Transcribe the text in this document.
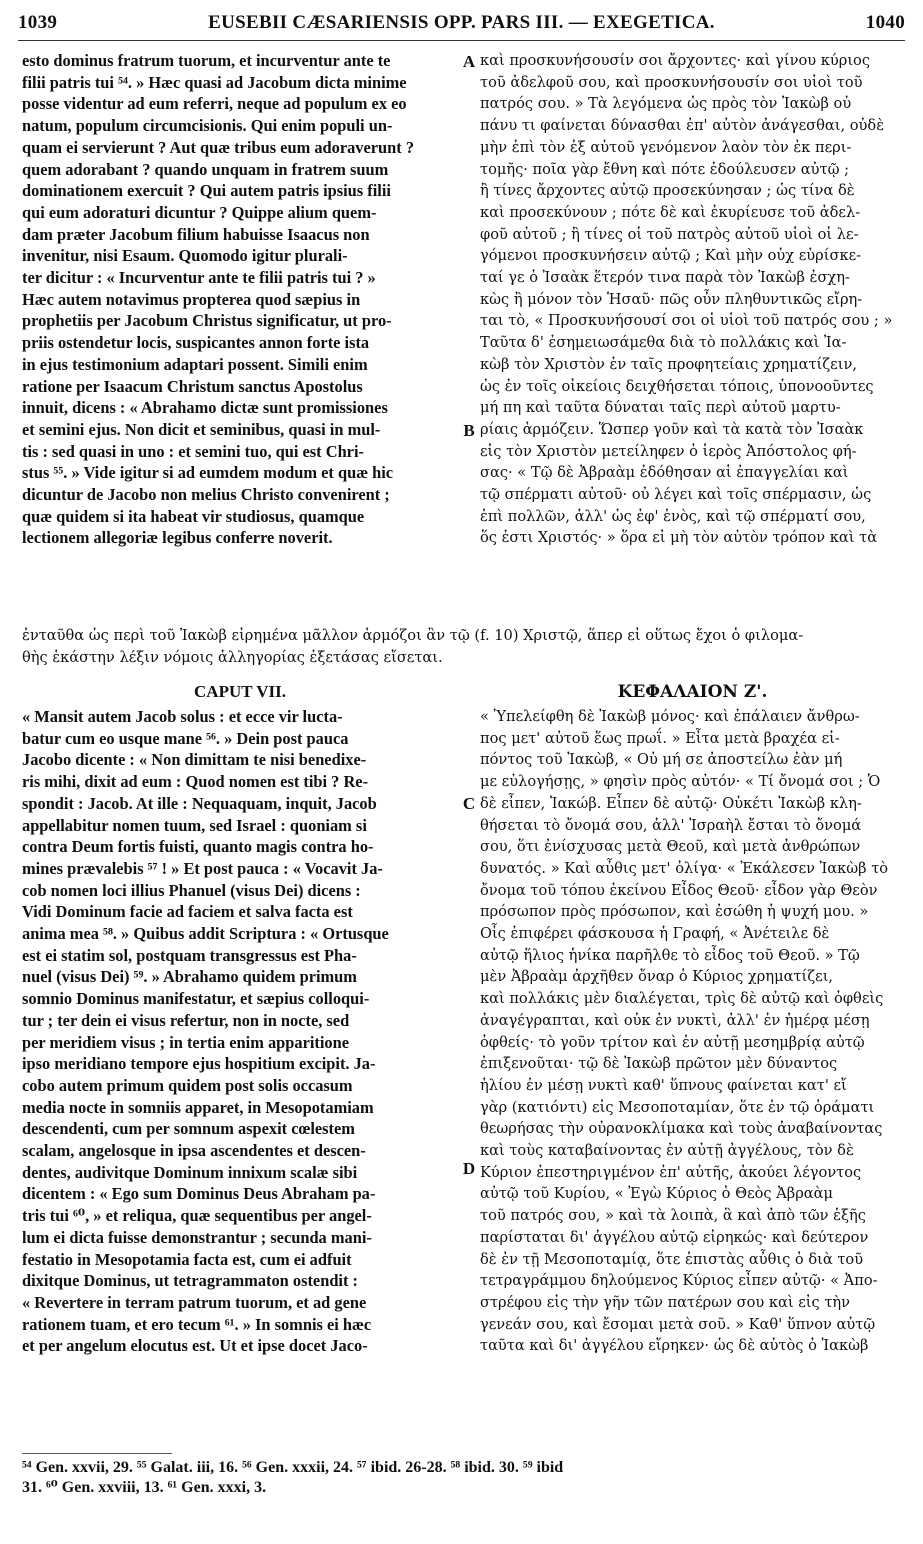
1039	EUSEBII CÆSARIENSIS OPP. PARS III. — EXEGETICA.	1040
esto dominus fratrum tuorum, et incurventur ante te
filii patris tui ⁵⁴. » Hæc quasi ad Jacobum dicta minime
posse videntur ad eum referri, neque ad populum ex eo
natum, populum circumcisionis. Qui enim populi un-
quam ei servierunt ? Aut quæ tribus eum adoraverunt ?
quem adorabant ? quando unquam in fratrem suum
dominationem exercuit ? Qui autem patris ipsius filii
qui eum adoraturi dicuntur ? Quippe alium quem-
dam præter Jacobum filium habuisse Isaacus non
invenitur, nisi Esaum. Quomodo igitur plurali-
ter dicitur : « Incurventur ante te filii patris tui ? »
Hæc autem notavimus propterea quod sæpius in
prophetiis per Jacobum Christus significatur, ut pro-
priis ostendetur locis, suspicantes annon forte ista
in ejus testimonium adaptari possent. Simili enim
ratione per Isaacum Christum sanctus Apostolus
innuit, dicens : « Abrahamo dictæ sunt promissiones
et semini ejus. Non dicit et seminibus, quasi in mul-
tis : sed quasi in uno : et semini tuo, qui est Chri-
stus ⁵⁵. » Vide igitur si ad eumdem modum et quæ hic
dicuntur de Jacobo non melius Christo convenirent ;
quæ quidem si ita habeat vir studiosus, quamque
lectionem allegoriæ legibus conferre noverit.
καὶ προσκυνήσουσίν σοι ἄρχοντες· καὶ γίνου κύριος
τοῦ ἀδελφοῦ σου, καὶ προσκυνήσουσίν σοι υἱοὶ τοῦ
πατρός σου. » Τὰ λεγόμενα ὡς πρὸς τὸν Ἰακὼβ οὐ
πάνυ τι φαίνεται δύνασθαι ἐπ' αὐτὸν ἀνάγεσθαι, οὐδὲ
μὴν ἐπὶ τὸν ἐξ αὐτοῦ γενόμενον λαὸν τὸν ἐκ περι-
τομῆς· ποῖα γὰρ ἔθνη καὶ πότε ἐδούλευσεν αὐτῷ ;
ἢ τίνες ἄρχοντες αὐτῷ προσεκύνησαν ; ὡς τίνα δὲ
καὶ προσεκύνουν ; πότε δὲ καὶ ἐκυρίευσε τοῦ ἀδελ-
φοῦ αὐτοῦ ; ἢ τίνες οἱ τοῦ πατρὸς αὐτοῦ υἱοὶ οἱ λε-
γόμενοι προσκυνήσειν αὐτῷ ; Καὶ μὴν οὐχ εὑρίσκε-
ταί γε ὁ Ἰσαὰκ ἕτερόν τινα παρὰ τὸν Ἰακὼβ ἐσχη-
κὼς ἢ μόνον τὸν Ἡσαῦ· πῶς οὖν πληθυντικῶς εἴρη-
ται τὸ, « Προσκυνήσουσί σοι οἱ υἱοὶ τοῦ πατρός σου ; »
Ταῦτα δ' ἐσημειωσάμεθα διὰ τὸ πολλάκις καὶ Ἰα-
κὼβ τὸν Χριστὸν ἐν ταῖς προφητείαις χρηματίζειν,
ὡς ἐν τοῖς οἰκείοις δειχθήσεται τόποις, ὑπονοοῦντες
μή πη καὶ ταῦτα δύναται ταῖς περὶ αὐτοῦ μαρτυ-
ρίαις ἁρμόζειν. Ὥσπερ γοῦν καὶ τὰ κατὰ τὸν Ἰσαὰκ
εἰς τὸν Χριστὸν μετείληφεν ὁ ἱερὸς Ἀπόστολος φή-
σας· « Τῷ δὲ Ἀβραὰμ ἐδόθησαν αἱ ἐπαγγελίαι καὶ
τῷ σπέρματι αὐτοῦ· οὐ λέγει καὶ τοῖς σπέρμασιν, ὡς
ἐπὶ πολλῶν, ἀλλ' ὡς ἐφ' ἑνὸς, καὶ τῷ σπέρματί σου,
ὅς ἐστι Χριστός· » ὅρα εἰ μὴ τὸν αὐτὸν τρόπον καὶ τὰ
A
B
ἐνταῦθα ὡς περὶ τοῦ Ἰακὼβ εἰρημένα μᾶλλον ἁρμόζοι ἂν τῷ (f. 10) Χριστῷ, ἅπερ εἰ οὕτως ἔχοι ὁ φιλομα-
θὴς ἑκάστην λέξιν νόμοις ἀλληγορίας ἐξετάσας εἴσεται.
CAPUT VII.	ΚΕΦΑΛΑΙΟΝ Ζ'.
« Mansit autem Jacob solus : et ecce vir lucta-
batur cum eo usque mane ⁵⁶. » Dein post pauca
Jacobo dicente : « Non dimittam te nisi benedixe-
ris mihi, dixit ad eum : Quod nomen est tibi ? Re-
spondit : Jacob. At ille : Nequaquam, inquit, Jacob
appellabitur nomen tuum, sed Israel : quoniam si
contra Deum fortis fuisti, quanto magis contra ho-
mines prævalebis ⁵⁷ ! » Et post pauca : « Vocavit Ja-
cob nomen loci illius Phanuel (visus Dei) dicens :
Vidi Dominum facie ad faciem et salva facta est
anima mea ⁵⁸. » Quibus addit Scriptura : « Ortusque
est ei statim sol, postquam transgressus est Pha-
nuel (visus Dei) ⁵⁹. » Abrahamo quidem primum
somnio Dominus manifestatur, et sæpius colloqui-
tur ; ter dein ei visus refertur, non in nocte, sed
per meridiem visus ; in tertia enim apparitione
ipso meridiano tempore ejus hospitium excipit. Ja-
cobo autem primum quidem post solis occasum
media nocte in somniis apparet, in Mesopotamiam
descendenti, cum per somnum aspexit cœlestem
scalam, angelosque in ipsa ascendentes et descen-
dentes, audivitque Dominum innixum scalæ sibi
dicentem : « Ego sum Dominus Deus Abraham pa-
tris tui ⁶⁰, » et reliqua, quæ sequentibus per angel-
lum ei dicta fuisse demonstrantur ; secunda mani-
festatio in Mesopotamia facta est, cum ei adfuit
dixitque Dominus, ut tetragrammaton ostendit :
« Revertere in terram patrum tuorum, et ad gene
rationem tuam, et ero tecum ⁶¹. » In somnis ei hæc
et per angelum elocutus est. Ut et ipse docet Jaco-
« Ὑπελείφθη δὲ Ἰακὼβ μόνος· καὶ ἐπάλαιεν ἄνθρω-
πος μετ' αὐτοῦ ἕως πρωΐ. » Εἶτα μετὰ βραχέα εἰ-
πόντος τοῦ Ἰακὼβ, « Οὐ μή σε ἀποστείλω ἐὰν μή
με εὐλογήσῃς, » φησὶν πρὸς αὐτόν· « Τί ὄνομά σοι ; Ὁ
δὲ εἶπεν, Ἰακώβ. Εἶπεν δὲ αὐτῷ· Οὐκέτι Ἰακὼβ κλη-
θήσεται τὸ ὄνομά σου, ἀλλ' Ἰσραὴλ ἔσται τὸ ὄνομά
σου, ὅτι ἐνίσχυσας μετὰ Θεοῦ, καὶ μετὰ ἀνθρώπων
δυνατός. » Καὶ αὖθις μετ' ὀλίγα· « Ἐκάλεσεν Ἰακὼβ τὸ
ὄνομα τοῦ τόπου ἐκείνου Εἶδος Θεοῦ· εἶδον γὰρ Θεὸν
πρόσωπον πρὸς πρόσωπον, καὶ ἐσώθη ἡ ψυχή μου. »
Οἷς ἐπιφέρει φάσκουσα ἡ Γραφή, « Ἀνέτειλε δὲ
αὐτῷ ἥλιος ἡνίκα παρῆλθε τὸ εἶδος τοῦ Θεοῦ. » Τῷ
μὲν Ἀβραὰμ ἀρχῆθεν ὄναρ ὁ Κύριος χρηματίζει,
καὶ πολλάκις μὲν διαλέγεται, τρὶς δὲ αὐτῷ καὶ ὀφθεὶς
ἀναγέγραπται, καὶ οὐκ ἐν νυκτὶ, ἀλλ' ἐν ἡμέρᾳ μέσῃ
ὀφθείς· τὸ γοῦν τρίτον καὶ ἐν αὐτῇ μεσημβρίᾳ αὐτῷ
ἐπιξενοῦται· τῷ δὲ Ἰακὼβ πρῶτον μὲν δύναντος
ἡλίου ἐν μέσῃ νυκτὶ καθ' ὕπνους φαίνεται κατ' εἴ
γὰρ (κατιόντι) εἰς Μεσοποταμίαν, ὅτε ἐν τῷ ὁράματι
θεωρήσας τὴν οὐρανοκλίμακα καὶ τοὺς ἀναβαίνοντας
καὶ τοὺς καταβαίνοντας ἐν αὐτῇ ἀγγέλους, τὸν δὲ
Κύριον ἐπεστηριγμένον ἐπ' αὐτῆς, ἀκούει λέγοντος
αὐτῷ τοῦ Κυρίου, « Ἐγὼ Κύριος ὁ Θεὸς Ἀβραὰμ
τοῦ πατρός σου, » καὶ τὰ λοιπὰ, ἃ καὶ ἀπὸ τῶν ἑξῆς
παρίσταται δι' ἀγγέλου αὐτῷ εἰρηκώς· καὶ δεύτερον
δὲ ἐν τῇ Μεσοποταμίᾳ, ὅτε ἐπιστὰς αὖθις ὁ διὰ τοῦ
τετραγράμμου δηλούμενος Κύριος εἶπεν αὐτῷ· « Ἀπο-
στρέφου εἰς τὴν γῆν τῶν πατέρων σου καὶ εἰς τὴν
γενεάν σου, καὶ ἔσομαι μετὰ σοῦ. » Καθ' ὕπνον αὐτῷ
ταῦτα καὶ δι' ἀγγέλου εἴρηκεν· ὡς δὲ αὐτὸς ὁ Ἰακὼβ
C
D
⁵⁴ Gen. xxvii, 29. ⁵⁵ Galat. iii, 16. ⁵⁶ Gen. xxxii, 24. ⁵⁷ ibid. 26-28. ⁵⁸ ibid. 30. ⁵⁹ ibid
31. ⁶⁰ Gen. xxviii, 13. ⁶¹ Gen. xxxi, 3.
